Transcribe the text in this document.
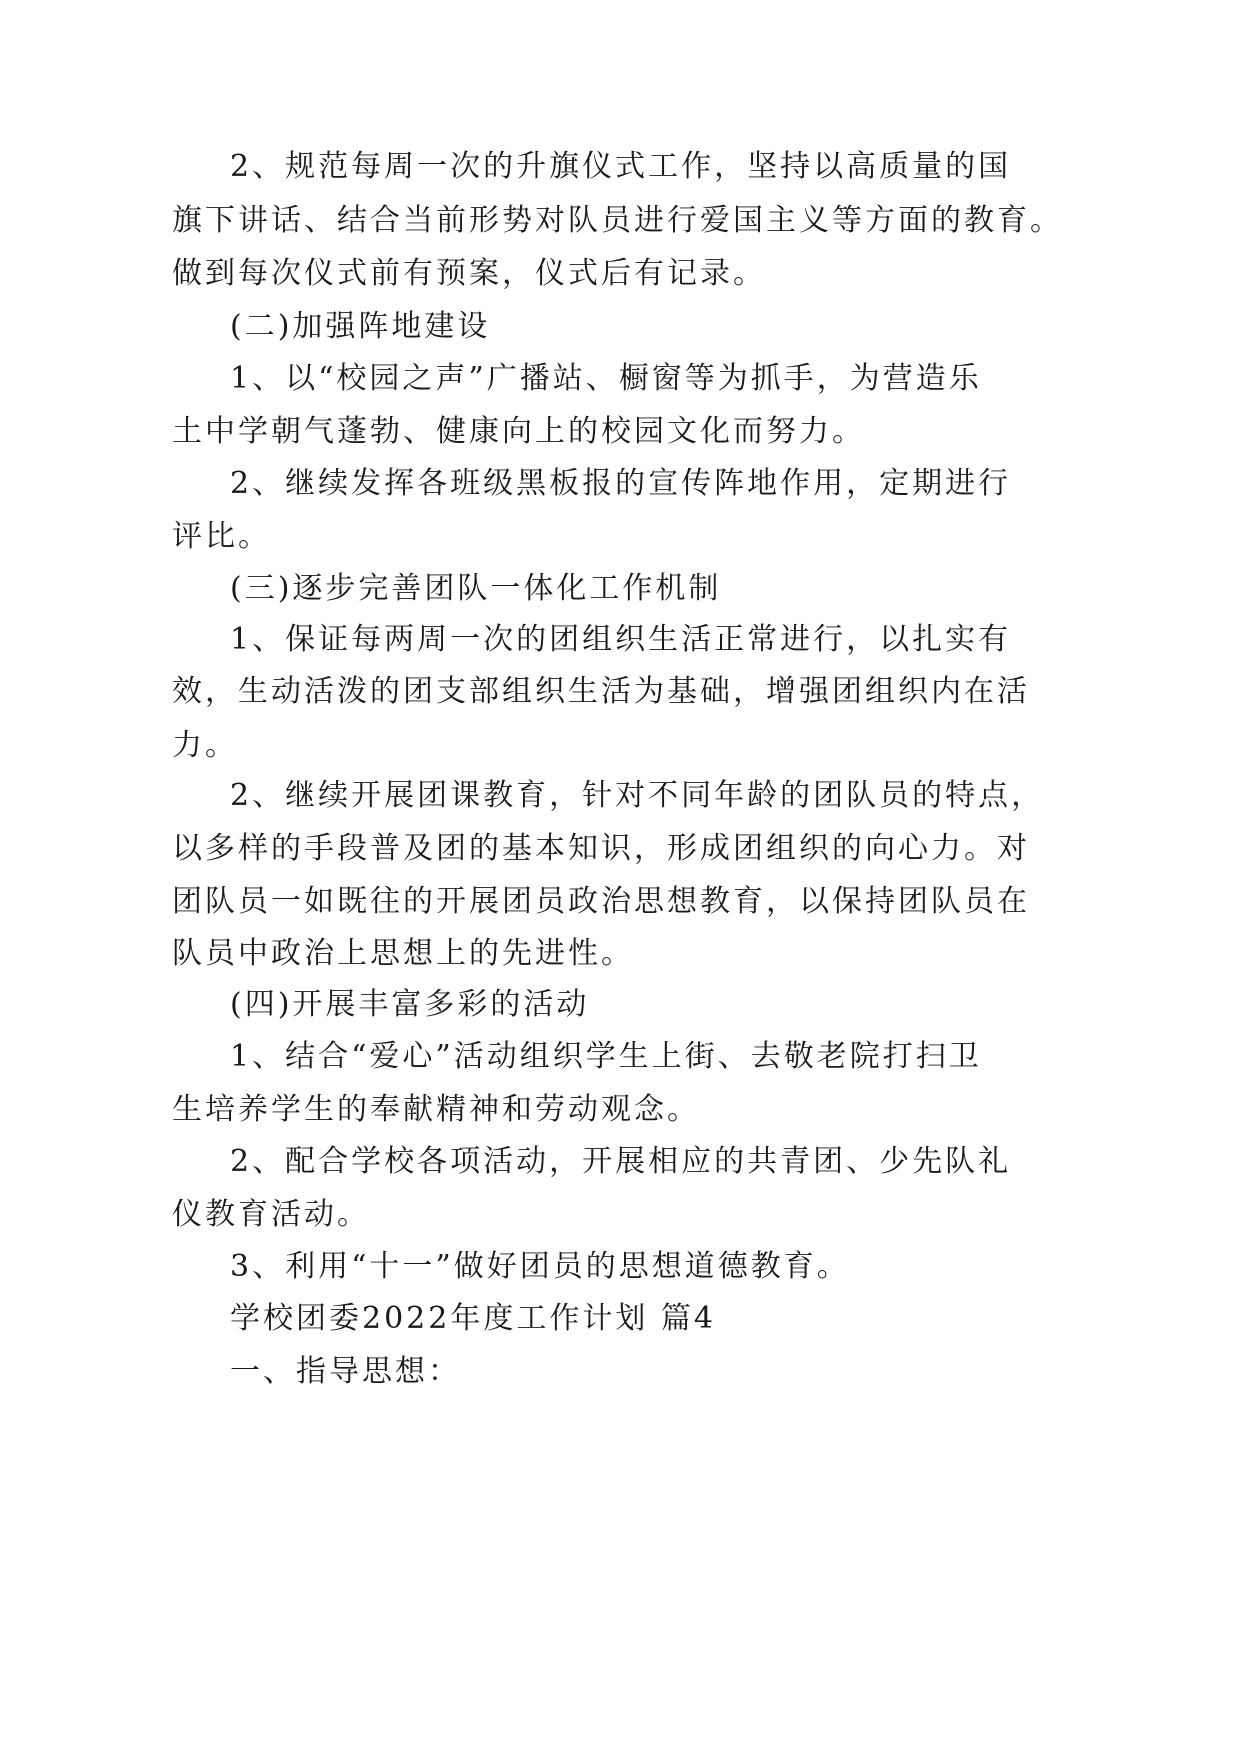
2、规范每周一次的升旗仪式工作，坚持以高质量的国
旗下讲话、结合当前形势对队员进行爱国主义等方面的教育。
做到每次仪式前有预案，仪式后有记录。
(二)加强阵地建设
1、以“校园之声”广播站、橱窗等为抓手，为营造乐
土中学朝气蓬勃、健康向上的校园文化而努力。
2、继续发挥各班级黑板报的宣传阵地作用，定期进行
评比。
(三)逐步完善团队一体化工作机制
1、保证每两周一次的团组织生活正常进行，以扎实有
效，生动活泼的团支部组织生活为基础，增强团组织内在活
力。
2、继续开展团课教育，针对不同年龄的团队员的特点，
以多样的手段普及团的基本知识，形成团组织的向心力。对
团队员一如既往的开展团员政治思想教育，以保持团队员在
队员中政治上思想上的先进性。
(四)开展丰富多彩的活动
1、结合“爱心”活动组织学生上街、去敬老院打扫卫
生培养学生的奉献精神和劳动观念。
2、配合学校各项活动，开展相应的共青团、少先队礼
仪教育活动。
3、利用“十一”做好团员的思想道德教育。
学校团委2022年度工作计划 篇4
一、指导思想：
